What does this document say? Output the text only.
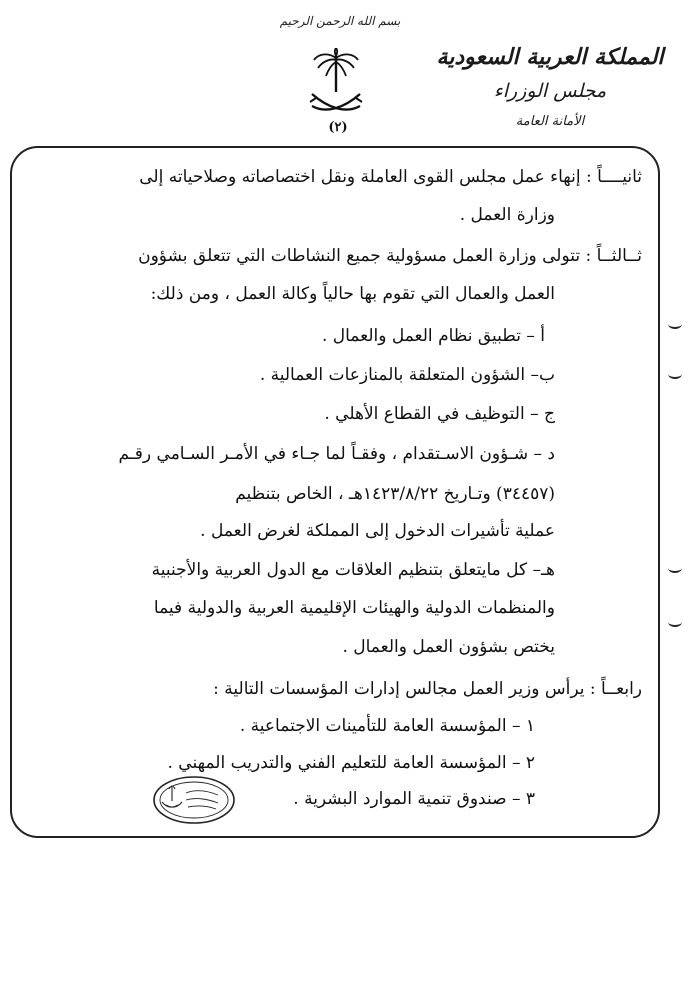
بسم الله الرحمن الرحيم
(٢)
المملكة العربية السعودية
مجلس الوزراء
الأمانة العامة
ثانيــــاً : إنهاء عمل مجلس القوى العاملة ونقل اختصاصاته وصلاحياته إلى
وزارة العمل .
ثــالثــاً : تتولى وزارة العمل مسؤولية جميع النشاطات التي تتعلق بشؤون
العمل والعمال التي تقوم بها حالياً وكالة العمل ، ومن ذلك:
أ – تطبيق نظام العمل والعمال .
ب– الشؤون المتعلقة بالمنازعات العمالية .
ج – التوظيف في القطاع الأهلي .
د – شـؤون الاسـتقدام ، وفقـاً لما جـاء في الأمـر السـامي رقـم
(٣٤٤٥٧) وتـاريخ ١٤٢٣/٨/٢٢هـ ، الخاص بتنظيم
عملية تأشيرات الدخول إلى المملكة لغرض العمل .
هـ– كل مايتعلق بتنظيم العلاقات مع الدول العربية والأجنبية
والمنظمات الدولية والهيئات الإقليمية العربية والدولية فيما
يختص بشؤون العمل والعمال .
رابعــاً : يرأس وزير العمل مجالس إدارات المؤسسات التالية :
١ – المؤسسة العامة للتأمينات الاجتماعية .
٢ – المؤسسة العامة للتعليم الفني والتدريب المهني .
٣ – صندوق تنمية الموارد البشرية .
